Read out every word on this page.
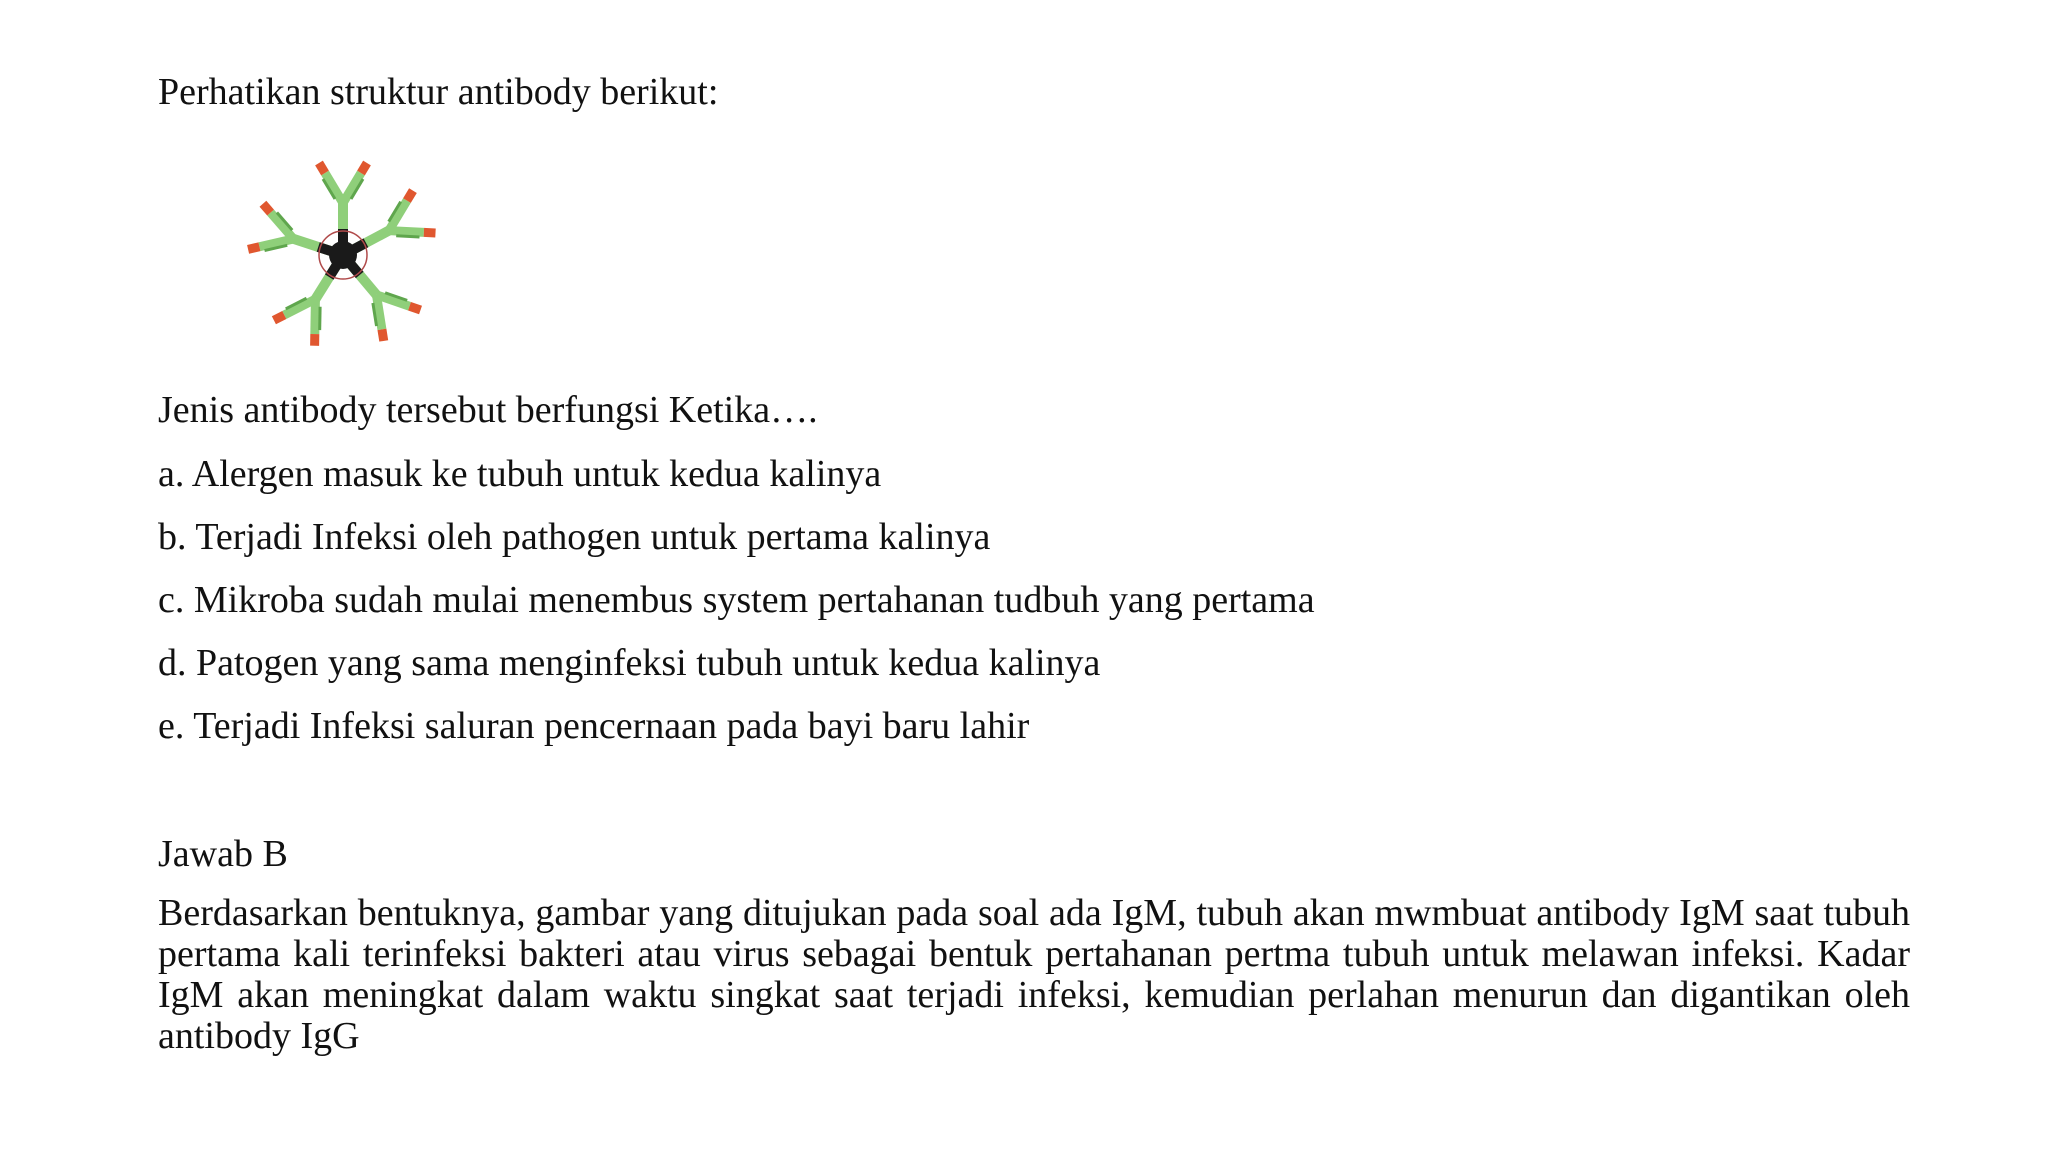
Perhatikan struktur antibody berikut:
Jenis antibody tersebut berfungsi Ketika….
a. Alergen masuk ke tubuh untuk kedua kalinya
b. Terjadi Infeksi oleh pathogen untuk pertama kalinya
c. Mikroba sudah mulai menembus system pertahanan tudbuh yang pertama
d. Patogen yang sama menginfeksi tubuh untuk kedua kalinya
e. Terjadi Infeksi saluran pencernaan pada bayi baru lahir
Jawab B
Berdasarkan bentuknya, gambar yang ditujukan pada soal ada IgM, tubuh akan mwmbuat antibody IgM saat tubuh pertama kali terinfeksi bakteri atau virus sebagai bentuk pertahanan pertma tubuh untuk melawan infeksi. Kadar IgM akan meningkat dalam waktu singkat saat terjadi infeksi, kemudian perlahan menurun dan digantikan oleh antibody IgG
